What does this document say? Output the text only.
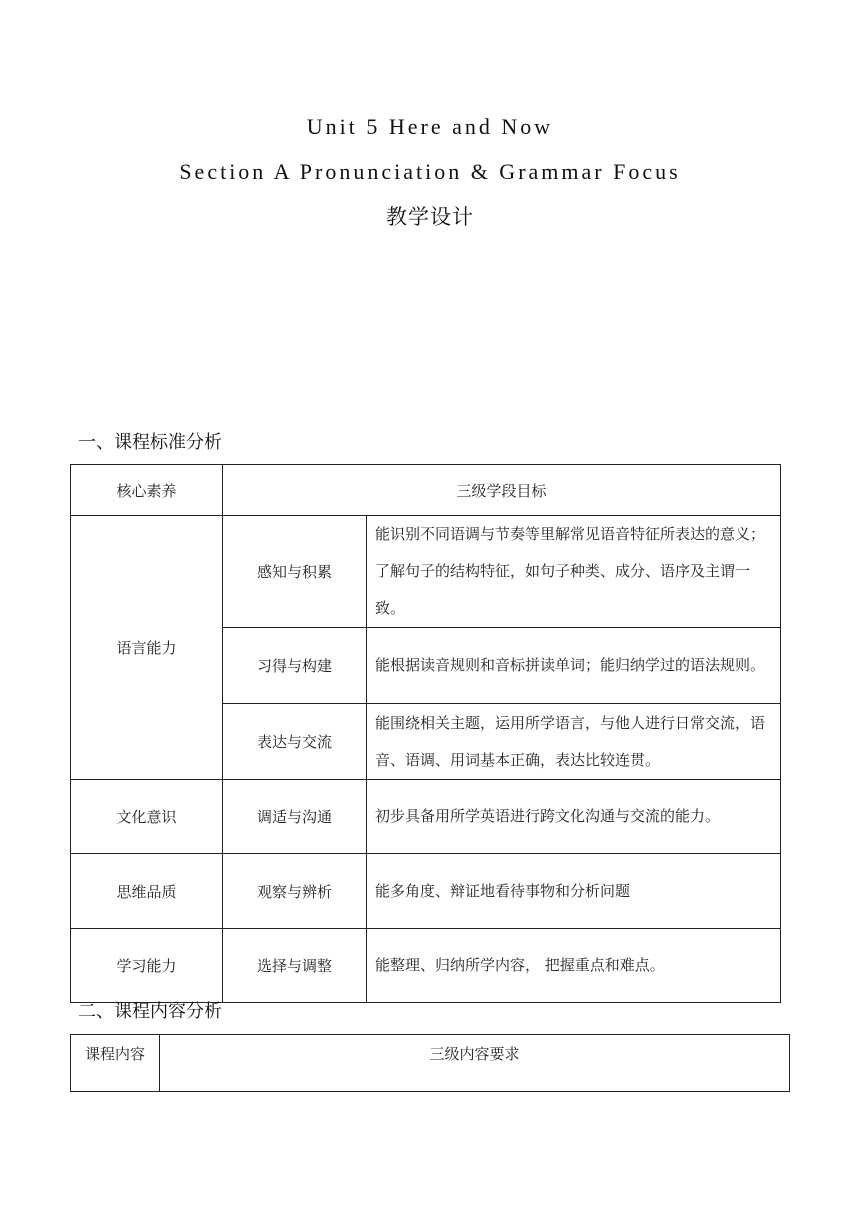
Unit 5 Here and Now
Section A Pronunciation & Grammar Focus
教学设计
一、课程标准分析
核心素养	三级学段目标	
语言能力	感知与积累	能识别不同语调与节奏等里解常见语音特征所表达的意义；了解句子的结构特征，如句子种类、成分、语序及主谓一致。
	习得与构建	能根据读音规则和音标拼读单词；能归纳学过的语法规则。
	表达与交流	能围绕相关主题，运用所学语言，与他人进行日常交流，语音、语调、用词基本正确，表达比较连贯。
文化意识	调适与沟通	初步具备用所学英语进行跨文化沟通与交流的能力。
思维品质	观察与辨析	能多角度、辩证地看待事物和分析问题
学习能力	选择与调整	能整理、归纳所学内容， 把握重点和难点。
二、课程内容分析
课程内容	三级内容要求
